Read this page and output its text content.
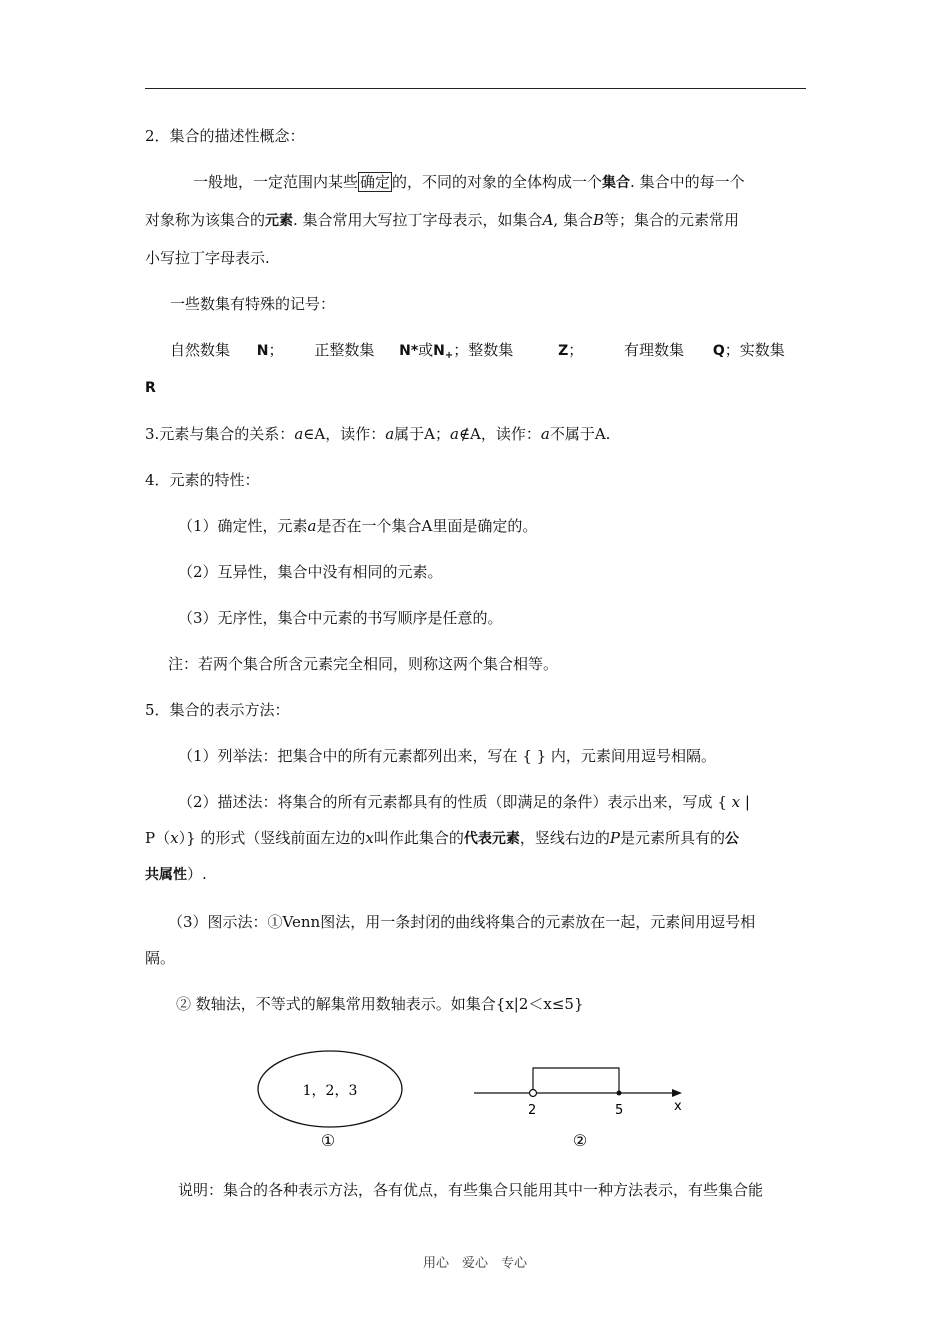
2．集合的描述性概念：
一般地，一定范围内某些 确定 的，不同的对象的全体构成一个集合. 集合中的每一个
对象称为该集合的元素. 集合常用大写拉丁字母表示，如集合A, 集合B等；集合的元素常用
小写拉丁字母表示.
一些数集有特殊的记号：
自然数集 N； 正整数集 N*或$N_+$；整数集	Z；	有理数集 Q；实数集
R
3.元素与集合的关系：a∈A，读作：a属于A；a∉A，读作：a不属于A.
4．元素的特性：
（1）确定性，元素a是否在一个集合A里面是确定的。
（2）互异性，集合中没有相同的元素。
（3）无序性，集合中元素的书写顺序是任意的。
注：若两个集合所含元素完全相同，则称这两个集合相等。
5．集合的表示方法：
（1）列举法：把集合中的所有元素都列出来，写在 { } 内，元素间用逗号相隔。
（2）描述法：将集合的所有元素都具有的性质（即满足的条件）表示出来，写成 { x |
P（x）} 的形式（竖线前面左边的x叫作此集合的代表元素，竖线右边的P是元素所具有的公
共属性）.
（3）图示法：①Venn图法，用一条封闭的曲线将集合的元素放在一起，元素间用逗号相
隔。
② 数轴法，不等式的解集常用数轴表示。如集合{x|2＜x≤5}
1，2，3
①
2	5	x
②
说明：集合的各种表示方法，各有优点，有些集合只能用其中一种方法表示，有些集合能
用心　爱心　专心
